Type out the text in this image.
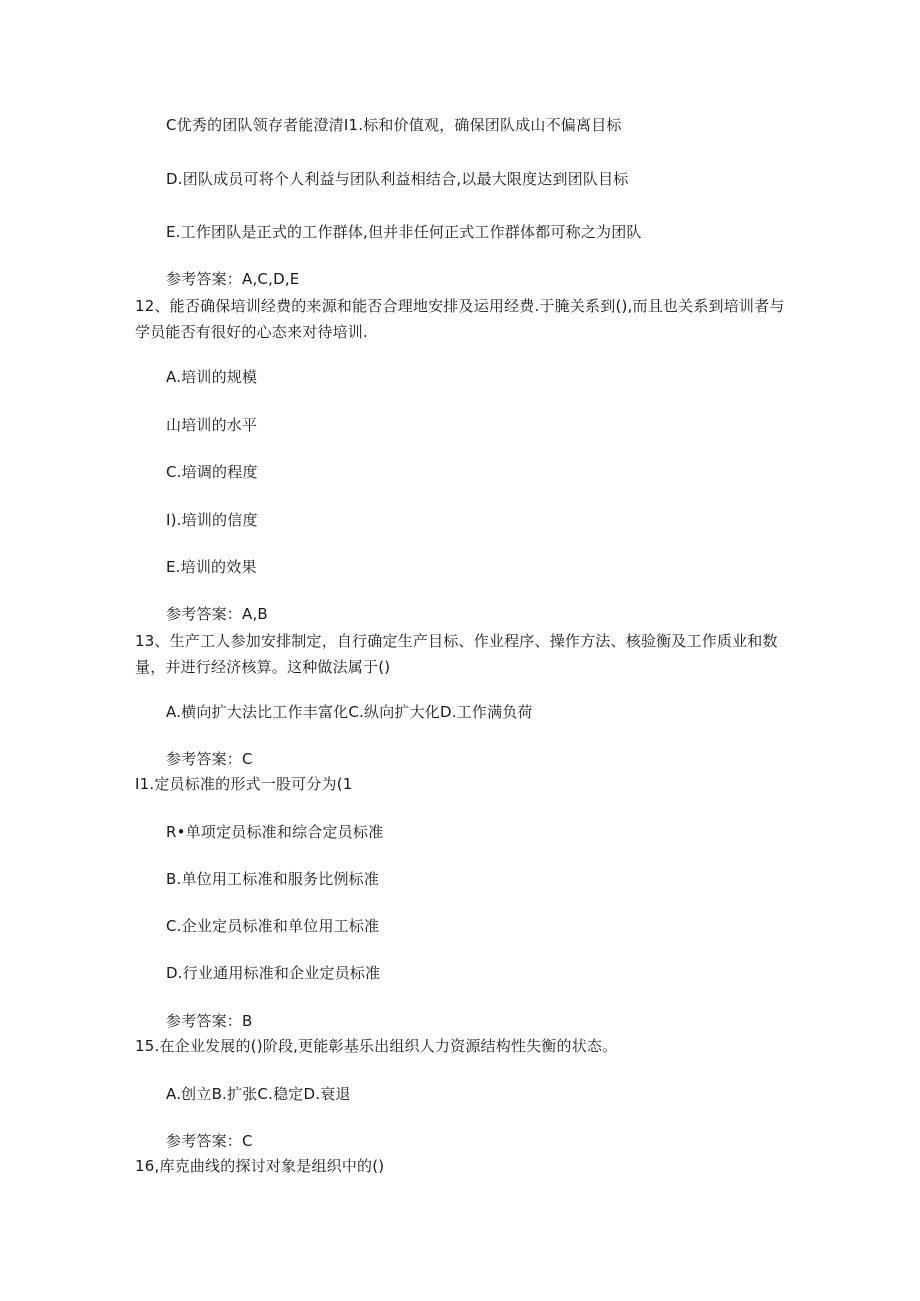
C优秀的团队领存者能澄清I1.标和价值观，确保团队成山不偏离目标
D.团队成员可将个人利益与团队利益相结合,以最大限度达到团队目标
E.工作团队是正式的工作群体,但并非任何正式工作群体都可称之为团队
参考答案：A,C,D,E
12、能否确保培训经费的来源和能否合理地安排及运用经费.于腌关系到(),而且也关系到培训者与学员能否有很好的心态来对待培训.
A.培训的规模
山培训的水平
C.培调的程度
I).培训的信度
E.培训的效果
参考答案：A,B
13、生产工人参加安排制定，自行确定生产目标、作业程序、操作方法、核验衡及工作质业和数量，并进行经济核算。这种做法属于()
A.横向扩大法比工作丰富化C.纵向扩大化D.工作满负荷
参考答案：C
I1.定员标准的形式一股可分为(1
R•单项定员标准和综合定员标准
B.单位用工标准和服务比例标准
C.企业定员标准和单位用工标准
D.行业通用标准和企业定员标准
参考答案：B
15.在企业发展的()阶段,更能彰基乐出组织人力资源结构性失衡的状态。
A.创立B.扩张C.稳定D.衰退
参考答案：C
16,库克曲线的探讨对象是组织中的()
